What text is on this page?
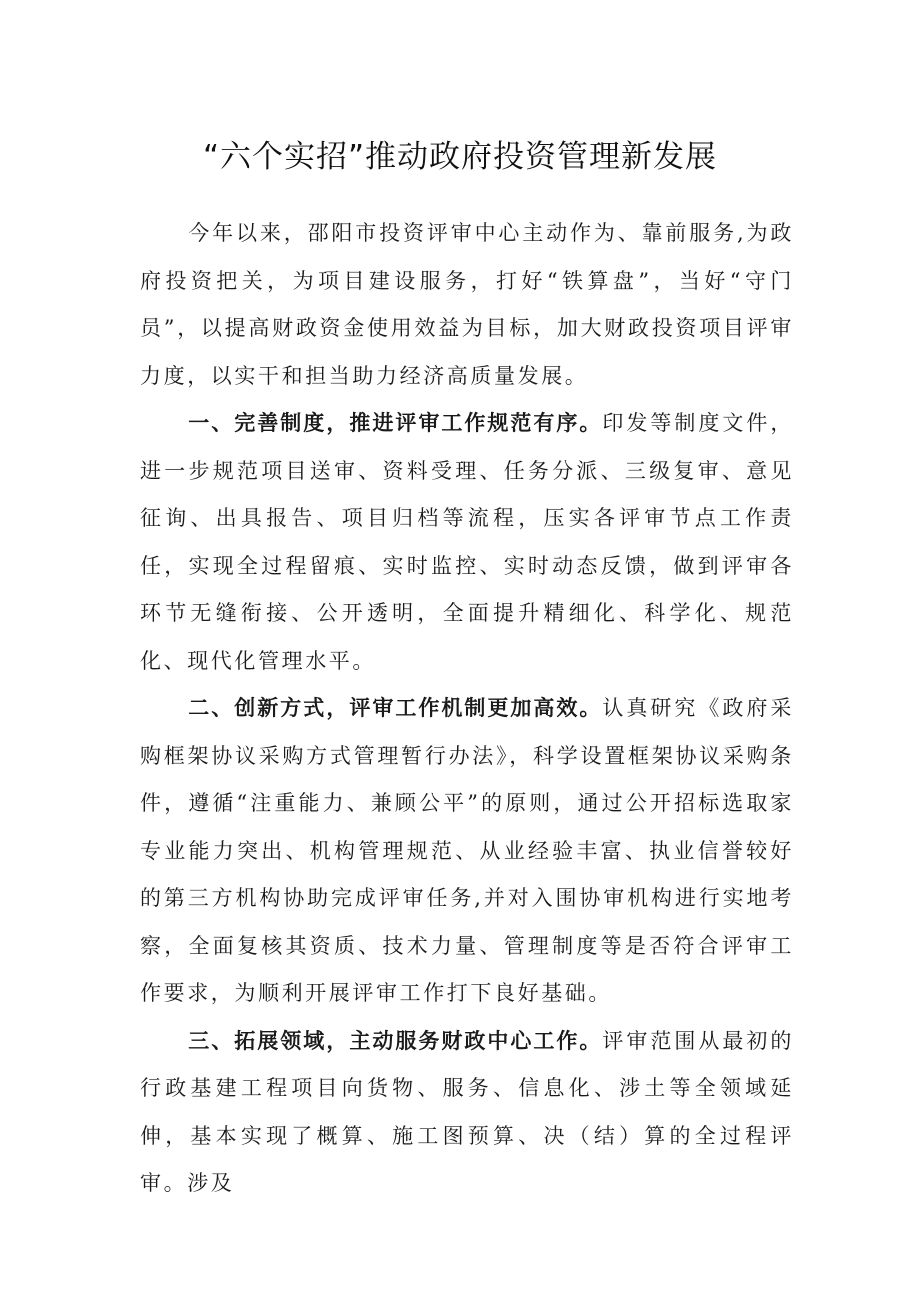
“六个实招”推动政府投资管理新发展

今年以来，邵阳市投资评审中心主动作为、靠前服务,为政府投资把关，为项目建设服务，打好“铁算盘”，当好“守门员”，以提高财政资金使用效益为目标，加大财政投资项目评审力度，以实干和担当助力经济高质量发展。

一、完善制度，推进评审工作规范有序。印发等制度文件，进一步规范项目送审、资料受理、任务分派、三级复审、意见征询、出具报告、项目归档等流程，压实各评审节点工作责任，实现全过程留痕、实时监控、实时动态反馈，做到评审各环节无缝衔接、公开透明，全面提升精细化、科学化、规范化、现代化管理水平。

二、创新方式，评审工作机制更加高效。认真研究《政府采购框架协议采购方式管理暂行办法》，科学设置框架协议采购条件，遵循“注重能力、兼顾公平”的原则，通过公开招标选取家专业能力突出、机构管理规范、从业经验丰富、执业信誉较好的第三方机构协助完成评审任务,并对入围协审机构进行实地考察，全面复核其资质、技术力量、管理制度等是否符合评审工作要求，为顺利开展评审工作打下良好基础。

三、拓展领域，主动服务财政中心工作。评审范围从最初的行政基建工程项目向货物、服务、信息化、涉土等全领域延伸，基本实现了概算、施工图预算、决（结）算的全过程评审。涉及
